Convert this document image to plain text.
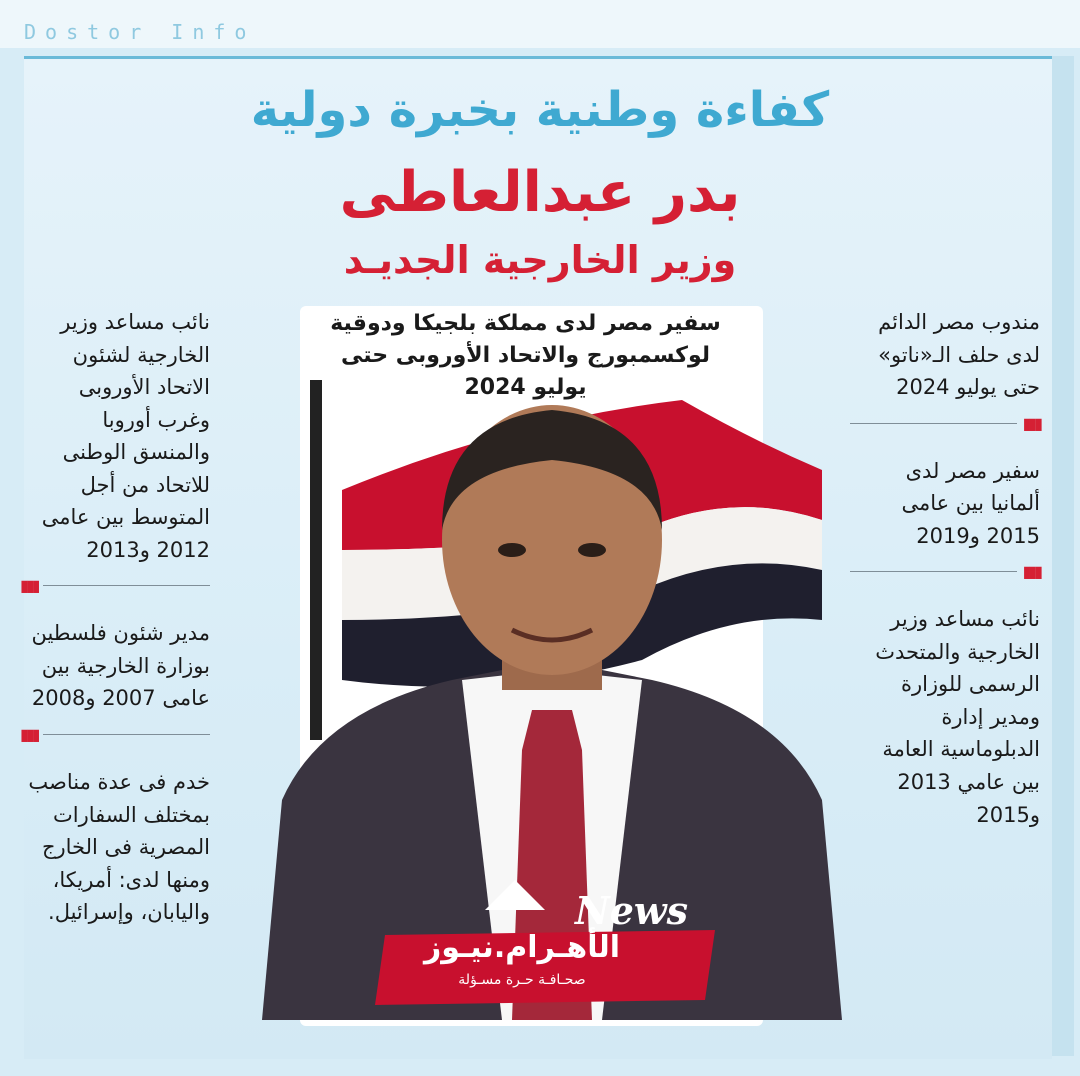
Dostor Info
كفاءة وطنية بخبرة دولية
بدر عبدالعاطى
وزير الخارجية الجديـد
نائب مساعد وزير الخارجية لشئون الاتحاد الأوروبى وغرب أوروبا والمنسق الوطنى للاتحاد من أجل المتوسط بين عامى 2012 و2013
▮▮▮
مدير شئون فلسطين بوزارة الخارجية بين عامى 2007 و2008
▮▮▮
خدم فى عدة مناصب بمختلف السفارات المصرية فى الخارج ومنها لدى: أمريكا، واليابان، وإسرائيل.
مندوب مصر الدائم لدى حلف الـ«ناتو» حتى يوليو 2024
▮▮▮
سفير مصر لدى ألمانيا بين عامى 2015 و2019
▮▮▮
نائب مساعد وزير الخارجية والمتحدث الرسمى للوزارة ومدير إدارة الدبلوماسية العامة بين عامي 2013 و2015
سفير مصر لدى مملكة بلجيكا ودوقية لوكسمبورج والاتحاد الأوروبى حتى يوليو 2024
News
الأهـرام.نيـوز
صحـافـة حـرة مسـؤلة
